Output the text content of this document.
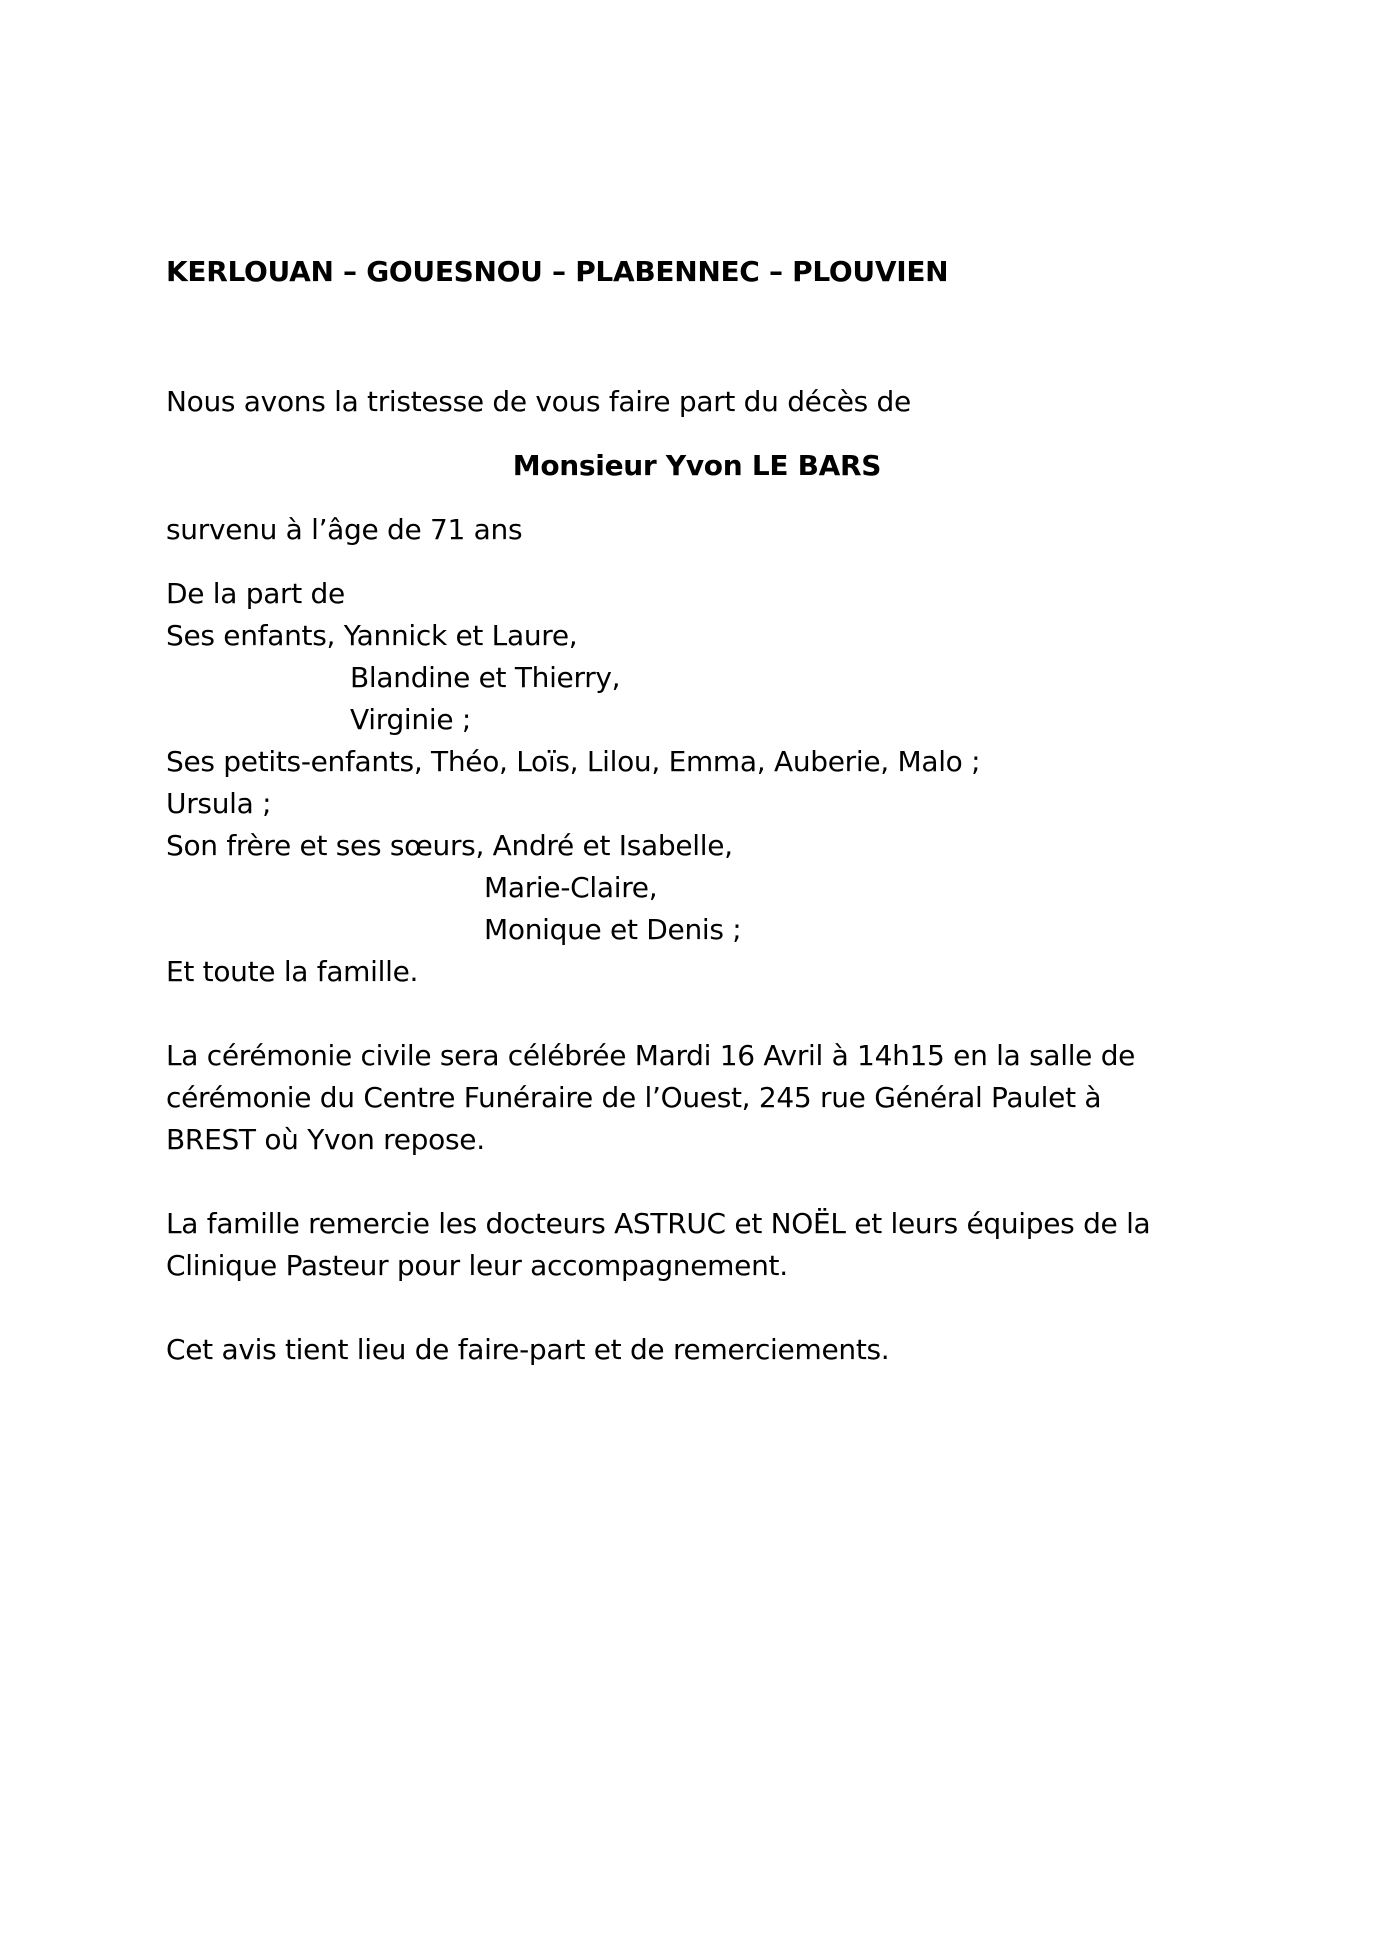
KERLOUAN – GOUESNOU – PLABENNEC – PLOUVIEN
Nous avons la tristesse de vous faire part du décès de
Monsieur Yvon LE BARS
survenu à l’âge de 71 ans
De la part de
Ses enfants, Yannick et Laure,
Blandine et Thierry,
Virginie ;
Ses petits-enfants, Théo, Loïs, Lilou, Emma, Auberie, Malo ;
Ursula ;
Son frère et ses sœurs, André et Isabelle,
Marie-Claire,
Monique et Denis ;
Et toute la famille.
La cérémonie civile sera célébrée Mardi 16 Avril à 14h15 en la salle de
cérémonie du Centre Funéraire de l’Ouest, 245 rue Général Paulet à
BREST où Yvon repose.
La famille remercie les docteurs ASTRUC et NOËL et leurs équipes de la
Clinique Pasteur pour leur accompagnement.
Cet avis tient lieu de faire-part et de remerciements.
